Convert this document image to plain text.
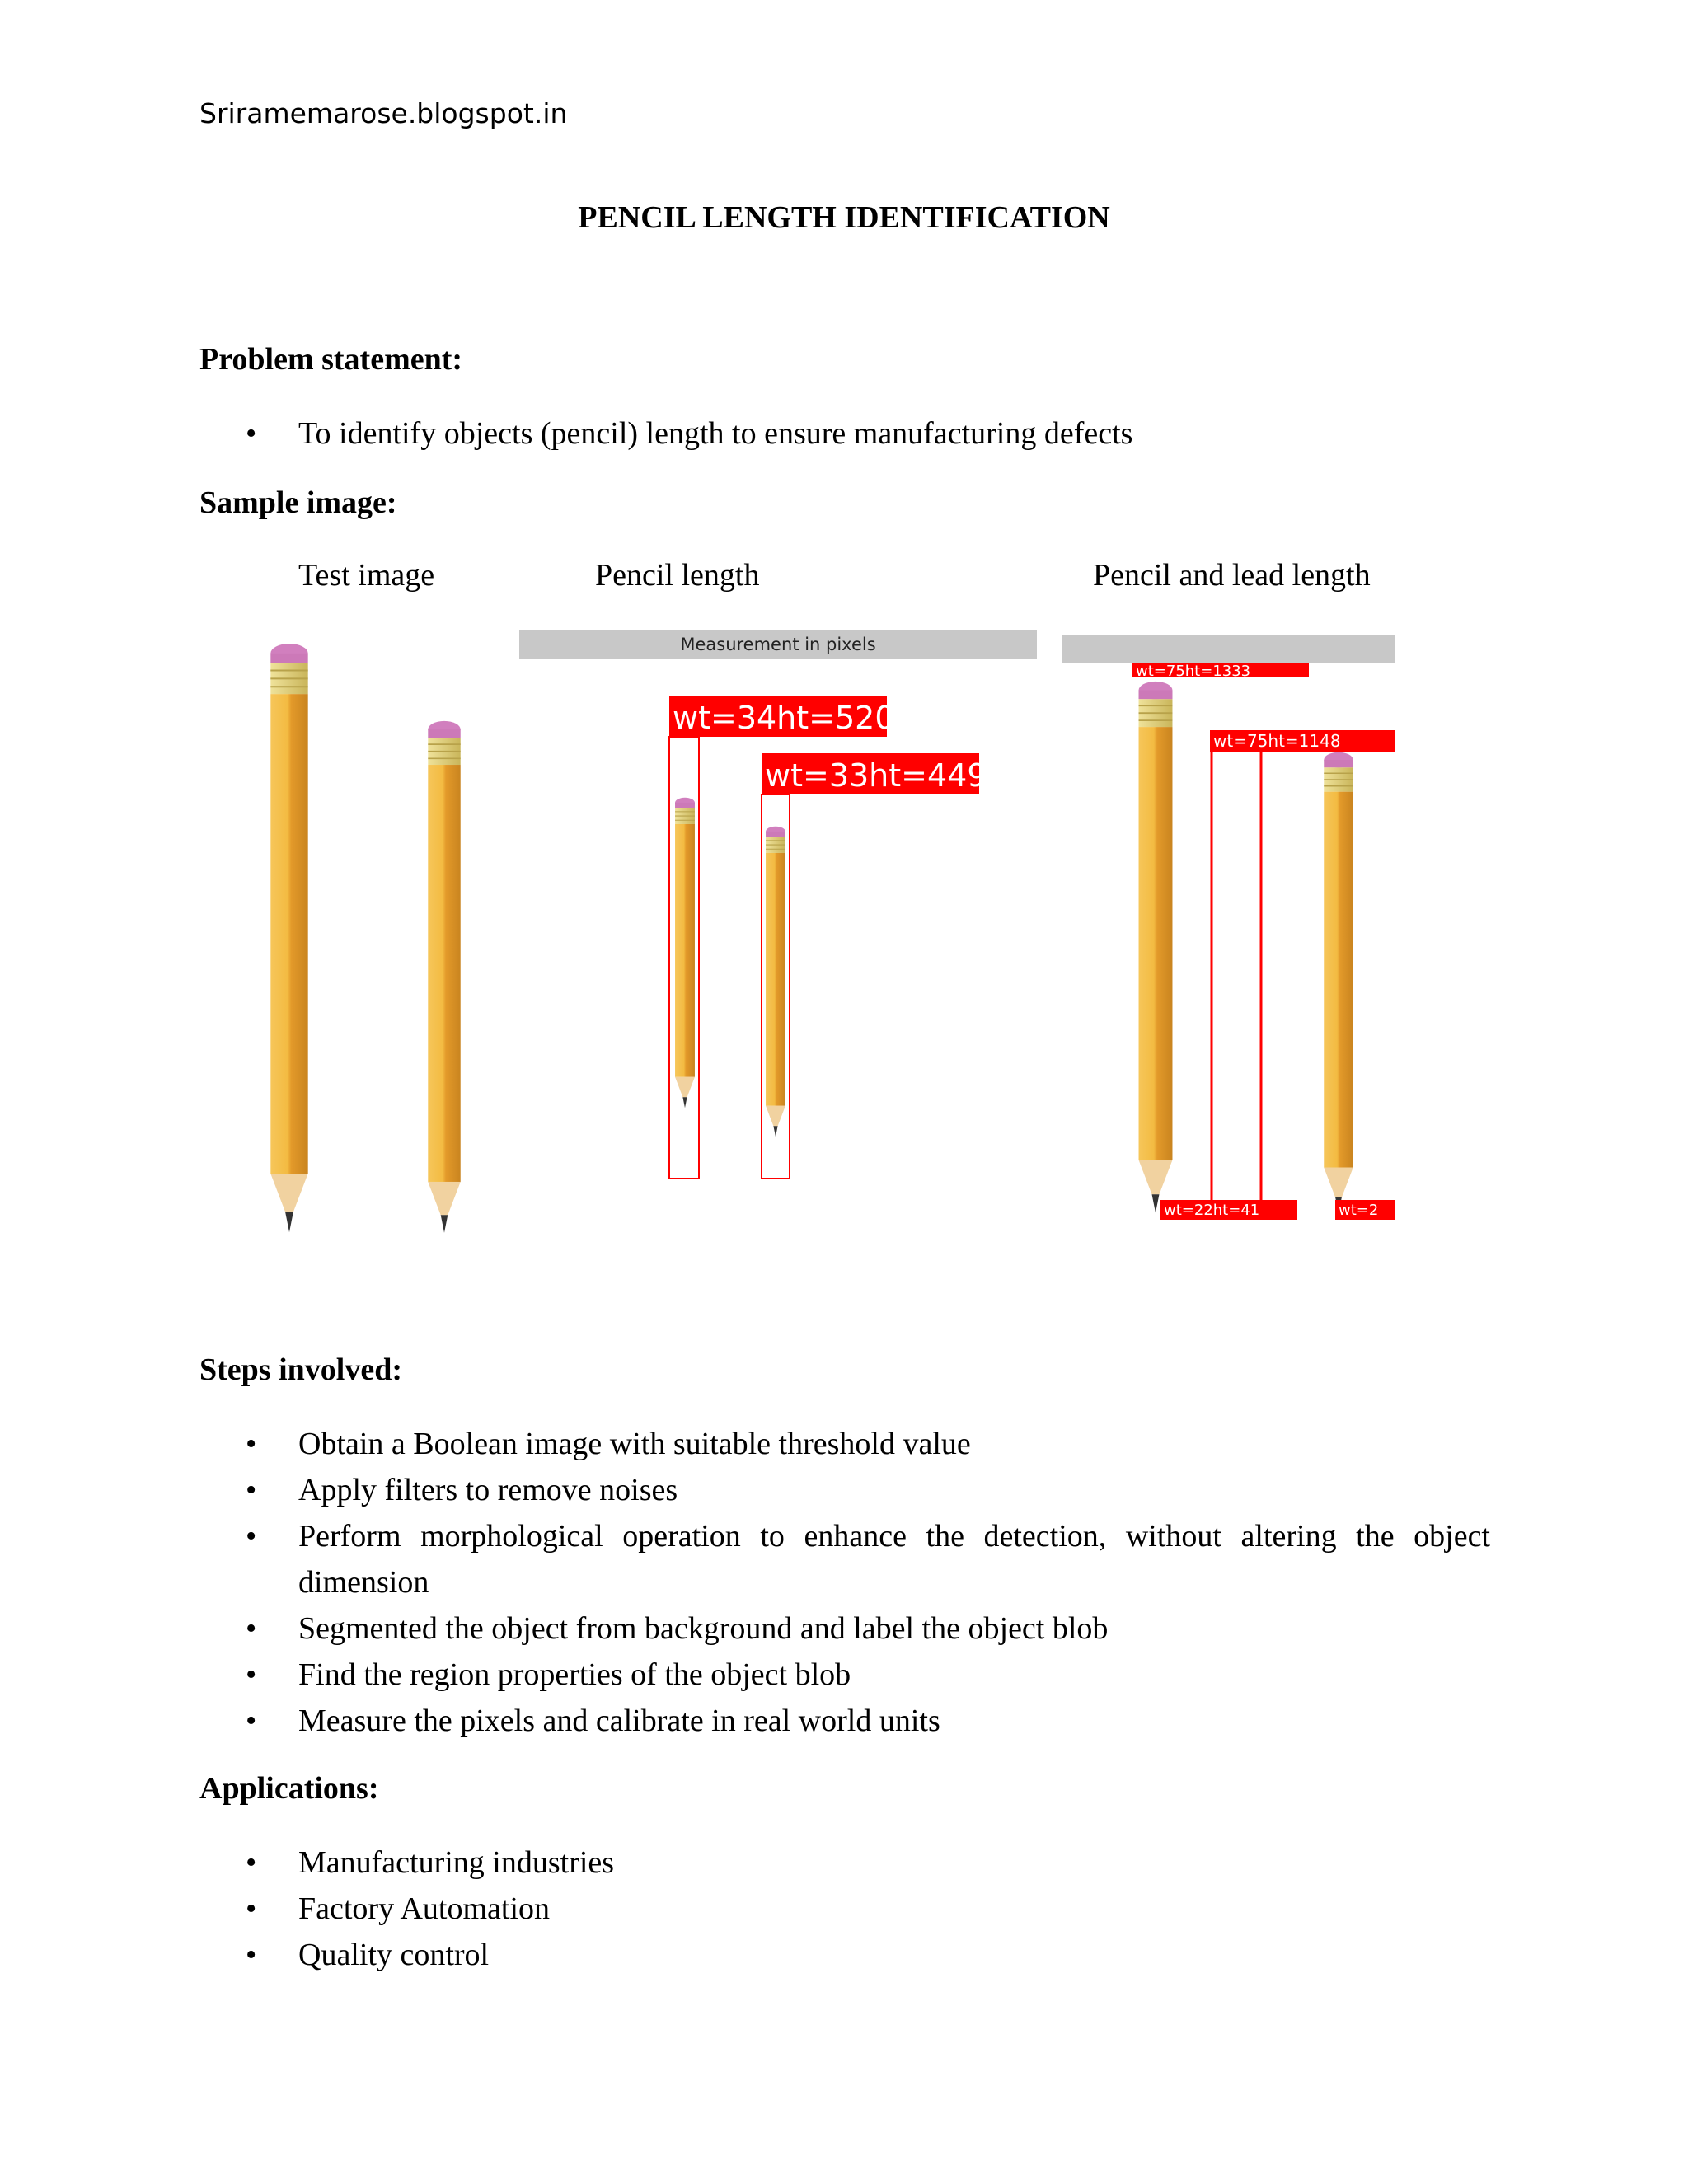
Sriramemarose.blogspot.in
PENCIL LENGTH IDENTIFICATION
Problem statement:
• To identify objects (pencil) length to ensure manufacturing defects
Sample image:
Test image	Pencil length	Pencil and lead length
Measurement in pixels
wt=34ht=520
wt=33ht=449
wt=75ht=1333
wt=75ht=1148
wt=22ht=41	wt=2
Steps involved:
• Obtain a Boolean image with suitable threshold value
• Apply filters to remove noises
• Perform morphological operation to enhance the detection, without altering the object dimension
• Segmented the object from background and label the object blob
• Find the region properties of the object blob
• Measure the pixels and calibrate in real world units
Applications:
• Manufacturing industries
• Factory Automation
• Quality control
